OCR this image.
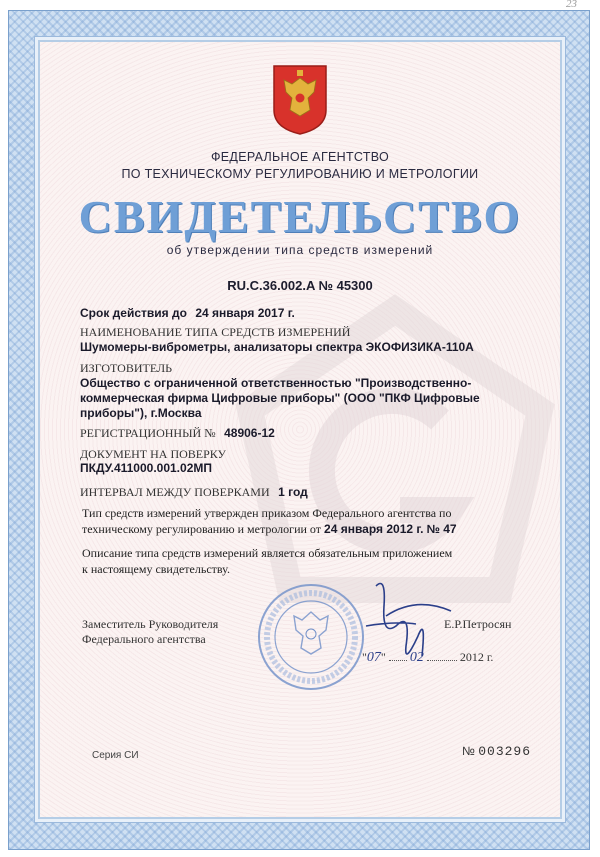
23
ФЕДЕРАЛЬНОЕ АГЕНТСТВО
ПО ТЕХНИЧЕСКОМУ РЕГУЛИРОВАНИЮ И МЕТРОЛОГИИ
СВИДЕТЕЛЬСТВО
об утверждении типа средств измерений
RU.C.36.002.A № 45300
Срок действия до 24 января 2017 г.
НАИМЕНОВАНИЕ ТИПА СРЕДСТВ ИЗМЕРЕНИЙ
Шумомеры-виброметры, анализаторы спектра ЭКОФИЗИКА-110А
ИЗГОТОВИТЕЛЬ
Общество с ограниченной ответственностью "Производственно-
коммерческая фирма Цифровые приборы" (ООО "ПКФ Цифровые
приборы"), г.Москва
РЕГИСТРАЦИОННЫЙ № 48906-12
ДОКУМЕНТ НА ПОВЕРКУ
ПКДУ.411000.001.02МП
ИНТЕРВАЛ МЕЖДУ ПОВЕРКАМИ 1 год
Тип средств измерений утвержден приказом Федерального агентства по
техническому регулированию и метрологии от 24 января 2012 г. № 47
Описание типа средств измерений является обязательным приложением
к настоящему свидетельству.
Заместитель Руководителя
Федерального агентства
Е.Р.Петросян
"07" 02	2012 г.
Серия СИ	№ 003296
